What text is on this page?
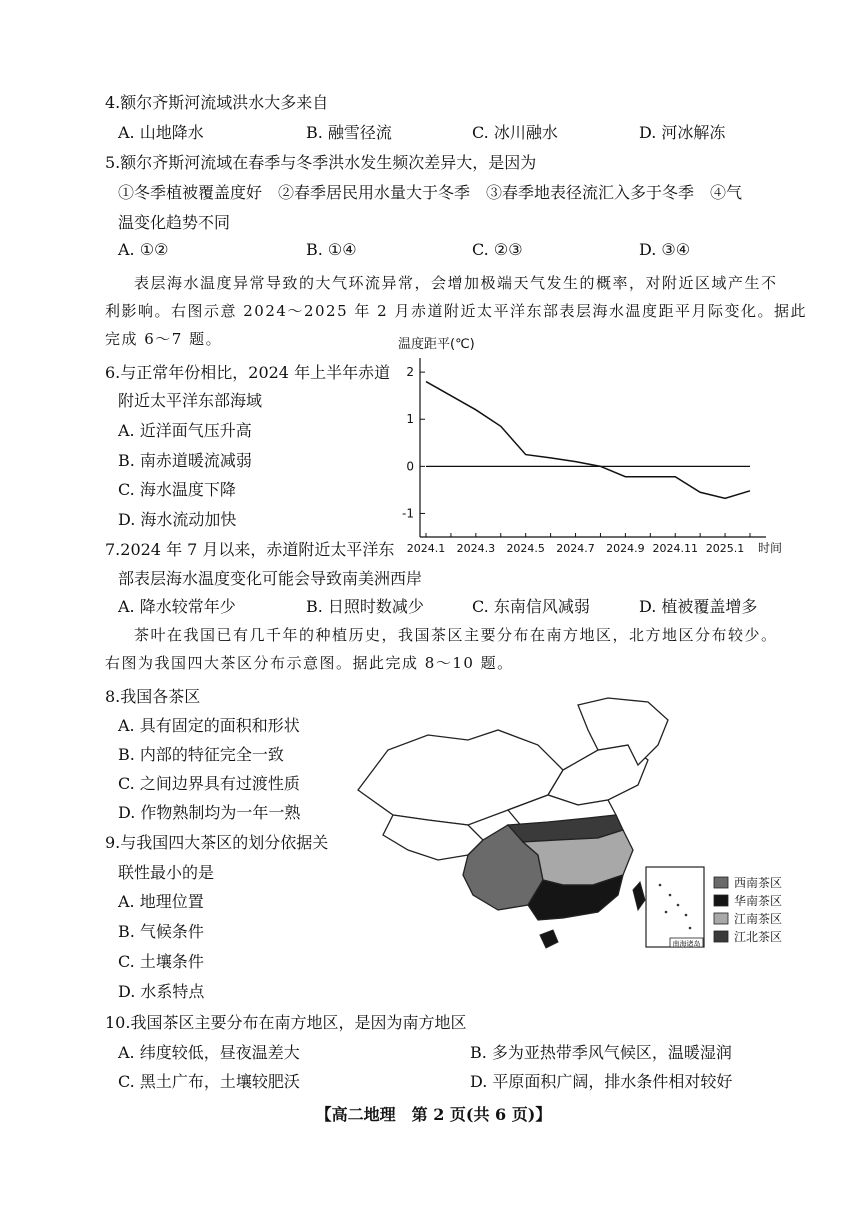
4.额尔齐斯河流域洪水大多来自
A. 山地降水	B. 融雪径流	C. 冰川融水	D. 河冰解冻
5.额尔齐斯河流域在春季与冬季洪水发生频次差异大，是因为
①冬季植被覆盖度好　②春季居民用水量大于冬季　③春季地表径流汇入多于冬季　④气
温变化趋势不同
A. ①②	B. ①④	C. ②③	D. ③④
表层海水温度异常导致的大气环流异常，会增加极端天气发生的概率，对附近区域产生不
利影响。右图示意 2024～2025 年 2 月赤道附近太平洋东部表层海水温度距平月际变化。据此
完成 6～7 题。
6.与正常年份相比，2024 年上半年赤道
附近太平洋东部海域
A. 近洋面气压升高
B. 南赤道暖流减弱
C. 海水温度下降
D. 海水流动加快
温度距平(℃)
2
1
0
-1
2024.1 2024.3 2024.5 2024.7 2024.9 2024.11 2025.1 时间
7.2024 年 7 月以来，赤道附近太平洋东
部表层海水温度变化可能会导致南美洲西岸
A. 降水较常年少	B. 日照时数减少	C. 东南信风减弱	D. 植被覆盖增多
茶叶在我国已有几千年的种植历史，我国茶区主要分布在南方地区，北方地区分布较少。
右图为我国四大茶区分布示意图。据此完成 8～10 题。
8.我国各茶区
A. 具有固定的面积和形状
B. 内部的特征完全一致
C. 之间边界具有过渡性质
D. 作物熟制均为一年一熟
9.与我国四大茶区的划分依据关
联性最小的是
A. 地理位置
B. 气候条件
C. 土壤条件
D. 水系特点
南海诸岛
西南茶区
华南茶区
江南茶区
江北茶区
10.我国茶区主要分布在南方地区，是因为南方地区
A. 纬度较低，昼夜温差大	B. 多为亚热带季风气候区，温暖湿润
C. 黑土广布，土壤较肥沃	D. 平原面积广阔，排水条件相对较好
【高二地理　第 2 页(共 6 页)】
